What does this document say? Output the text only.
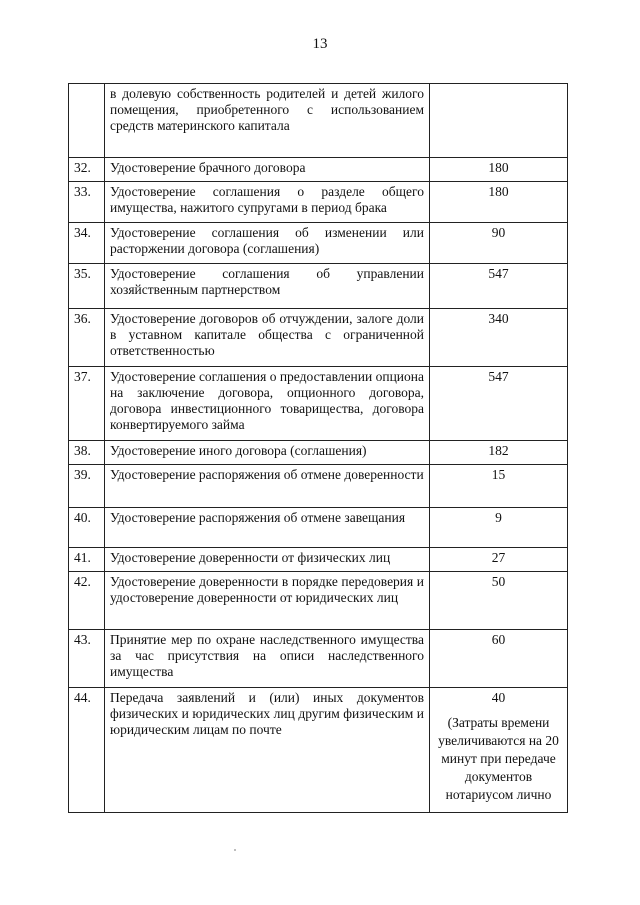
13
	в долевую собственность родителей и детей жилого помещения, приобретенного с использованием средств материнского капитала	
32.	Удостоверение брачного договора	180
33.	Удостоверение соглашения о разделе общего имущества, нажитого супругами в период брака	180
34.	Удостоверение соглашения об изменении или расторжении договора (соглашения)	90
35.	Удостоверение соглашения об управлении хозяйственным партнерством	547
36.	Удостоверение договоров об отчуждении, залоге доли в уставном капитале общества с ограниченной ответственностью	340
37.	Удостоверение соглашения о предоставлении опциона на заключение договора, опционного договора, договора инвестиционного товарищества, договора конвертируемого займа	547
38.	Удостоверение иного договора (соглашения)	182
39.	Удостоверение распоряжения об отмене доверенности	15
40.	Удостоверение распоряжения об отмене завещания	9
41.	Удостоверение доверенности от физических лиц	27
42.	Удостоверение доверенности в порядке передоверия и удостоверение доверенности от юридических лиц	50
43.	Принятие мер по охране наследственного имущества за час присутствия на описи наследственного имущества	60
44.	Передача заявлений и (или) иных документов физических и юридических лиц другим физическим и юридическим лицам по почте	40
(Затраты времени увеличиваются на 20 минут при передаче документов нотариусом лично
